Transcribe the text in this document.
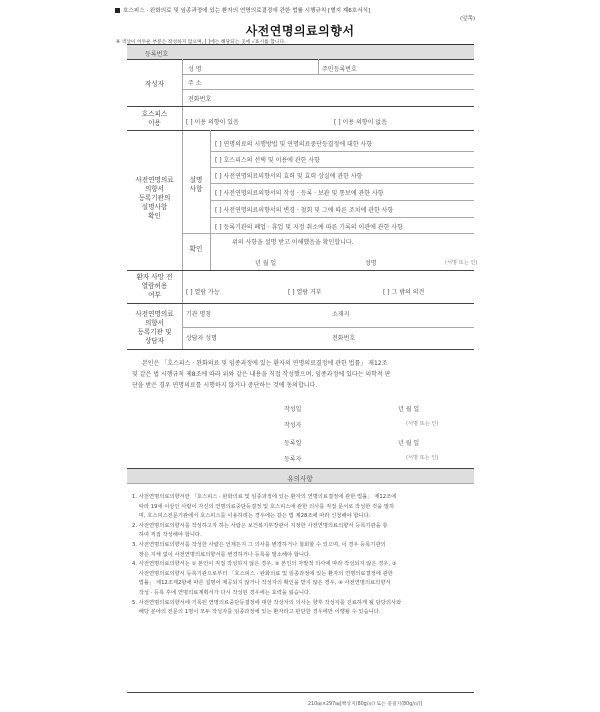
호스피스 · 완화의료 및 임종과정에 있는 환자의 연명의료결정에 관한 법률 시행규칙 [별지 제6호서식]
(앞쪽)
사전연명의료의향서
※ 색상이 어두운 부분은 작성하지 않으며, [ ]에는 해당되는 곳에 √표시를 합니다.
등록번호
작성자
성 명	주민등록번호
주 소
전화번호
호스피스
이용	[ ] 이용 의향이 있음	[ ] 이용 의향이 없음
사전연명의료
의향서
등록기관의
설명사항
확인
설명
사항
[ ] 연명의료의 시행방법 및 연명의료중단등결정에 대한 사항
[ ] 호스피스의 선택 및 이용에 관한 사항
[ ] 사전연명의료의향서의 효력 및 효력 상실에 관한 사항
[ ] 사전연명의료의향서의 작성 · 등록 · 보관 및 통보에 관한 사항
[ ] 사전연명의료의향서의 변경 · 철회 및 그에 따른 조치에 관한 사항
[ ] 등록기관의 폐업 · 휴업 및 지정 취소에 따른 기록의 이관에 관한 사항
확인
위의 사항을 설명 받고 이해했음을 확인합니다.
년 월 일	성명	(서명 또는 인)
환자 사망 전
열람허용
여부	[ ] 열람 가능	[ ] 열람 거부	[ ] 그 밖의 의견
사전연명의료
의향서
등록기관 및
상담자
기관 명칭	소재지
상담자 성명	전화번호
본인은 「호스피스 · 완화의료 및 임종과정에 있는 환자의 연명의료결정에 관한 법률」 제12조
및 같은 법 시행규칙 제8조에 따라 위와 같은 내용을 직접 작성했으며, 임종과정에 있다는 의학적 판
단을 받은 경우 연명의료를 시행하지 않거나 중단하는 것에 동의합니다.
작성일	년 월 일
작성자	(서명 또는 인)
등록일	년 월 일
등록자	(서명 또는 인)
유의사항
1. 사전연명의료의향서란 「호스피스 · 완화의료 및 임종과정에 있는 환자의 연명의료결정에 관한 법률」 제12조에
따라 19세 이상인 사람이 자신의 연명의료중단등결정 및 호스피스에 관한 의사를 직접 문서로 작성한 것을 말하
며, 호스피스전문기관에서 호스피스를 이용하려는 경우에는 같은 법 제28조에 따라 신청해야 합니다.
2. 사전연명의료의향서를 작성하고자 하는 사람은 보건복지부장관이 지정한 사전연명의료의향서 등록기관을 통
하여 직접 작성해야 합니다.
3. 사전연명의료의향서를 작성한 사람은 언제든지 그 의사를 변경하거나 철회할 수 있으며, 이 경우 등록기관의
장은 지체 없이 사전연명의료의향서를 변경하거나 등록을 말소해야 합니다.
4. 사전연명의료의향서는 ① 본인이 직접 작성하지 않은 경우, ② 본인의 자발적 의사에 따라 작성되지 않은 경우, ③
사전연명의료의향서 등록기관으로부터 「호스피스 · 완화의료 및 임종과정에 있는 환자의 연명의료결정에 관한
법률」 제12조제2항에 따른 설명이 제공되지 않거나 작성자의 확인을 받지 않은 경우, ④ 사전연명의료의향서
작성 · 등록 후에 연명의료계획서가 다시 작성된 경우에는 효력을 잃습니다.
5. 사전연명의료의향서에 기록된 연명의료중단등결정에 대한 작성자의 의사는 향후 작성자를 진료하게 될 담당의사와
해당 분야의 전문의 1명이 모두 작성자를 임종과정에 있는 환자라고 판단한 경우에만 이행될 수 있습니다.
210㎜×297㎜[백상지(80g/㎡) 또는 중질지(80g/㎡)]
